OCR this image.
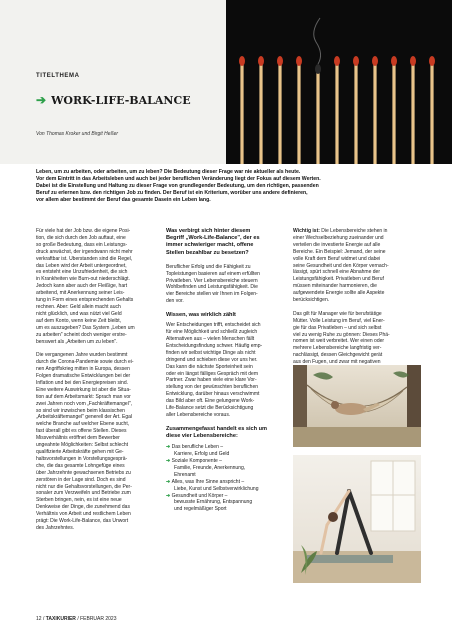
TITELTHEMA
➔ WORK-LIFE-BALANCE
Von Thomas Kroker und Birgit Heßer
Leben, um zu arbeiten, oder arbeiten, um zu leben? Die Bedeutung dieser Frage war nie aktueller als heute.
Vor dem Eintritt in das Arbeitsleben und auch bei jeder beruflichen Veränderung liegt der Fokus auf diesem Werten.
Dabei ist die Einstellung und Haltung zu dieser Frage von grundlegender Bedeutung, um den richtigen, passenden
Beruf zu erlernen bzw. den richtigen Job zu finden. Der Beruf ist ein Kriterium, worüber uns andere definieren,
vor allem aber bestimmt der Beruf das gesamte Dasein ein Leben lang.
Für viele hat der Job bzw. die eigene Posi-
tion, die sich durch den Job auftaut, eine
so große Bedeutung, dass ein Leistungs-
druck anwächst, der irgendwann nicht mehr
verkraftbar ist. Überstanden sind die Regel,
das Leben wird der Arbeit untergeordnet,
es entsteht eine Unzufriedenheit, die sich
in Krankheiten wie Burn-out niederschlägt.
Jedoch kann aber auch der Fleißige, hart
arbeitend, mit Anerkennung seiner Leis-
tung in Form eines entsprechenden Gehalts
rechnen. Aber: Geld allein macht auch
nicht glücklich, und was nützt viel Geld
auf dem Konto, wenn keine Zeit bleibt,
um es auszugeben? Das System „Leben um
zu arbeiten" scheint doch weniger erstre-
benswert als „Arbeiten um zu leben".
Die vergangenen Jahre wurden bestimmt
durch die Corona-Pandemie sowie durch ei-
nen Angriffskrieg mitten in Europa, dessen
Folgen dramatische Entwicklungen bei der
Inflation und bei den Energiepreisen sind.
Eine weitere Auswirkung ist aber die Situa-
tion auf dem Arbeitsmarkt: Sprach man vor
zwei Jahren noch vom „Fachkräftemangel",
so sind wir inzwischen beim klassischen
„Arbeitskräftemangel" generell der Art. Egal
welche Branche auf welcher Ebene sucht,
fast überall gibt es offene Stellen. Dieses
Missverhältnis eröffnet dem Bewerber
ungeahnte Möglichkeiten: Selbst schlecht
qualifizierte Arbeitskräfte gehen mit Ge-
haltsvorstellungen in Vorstellungsgesprä-
che, die das gesamte Lohngefüge eines
über Jahrzehnte gewachsenen Betriebs zu
zerstören in der Lage sind. Doch es sind
nicht nur die Gehaltsvorstellungen, die Per-
sonaler zum Verzweifeln und Betriebe zum
Sterben bringen, nein, es ist eine neue
Denkweise der Dinge, die zunehmend das
Verhältnis von Arbeit und restlichem Leben
prägt: Die Work-Life-Balance, das Unwort
des Jahrzehntes.
Was verbirgt sich hinter diesem
Begriff „Work-Life-Balance", der es
immer schwieriger macht, offene
Stellen bezahlbar zu besetzen?
Beruflicher Erfolg und die Fähigkeit zu
Topleistungen basieren auf einem erfüllten
Privatleben. Vier Lebensbereiche steuern
Wohlbefinden und Leistungsfähigkeit. Die
vier Bereiche stellen wir Ihnen im Folgen-
den vor.
Wissen, was wirklich zählt
Wer Entscheidungen trifft, entscheidet sich
für eine Möglichkeit und schließt zugleich
Alternativen aus – vielen Menschen fällt
Entscheidungsfindung schwer. Häufig emp-
finden wir selbst wichtige Dinge als nicht
dringend und schieben diese vor uns her.
Das kann die nächste Sporteinheit sein
oder ein längst fälliges Gespräch mit dem
Partner. Zwar haben viele eine klare Vor-
stellung von der gewünschten beruflichen
Entwicklung, darüber hinaus verschwimmt
das Bild aber oft. Eine gelungene Work-
Life-Balance setzt die Berücksichtigung
aller Lebensbereiche voraus.
Zusammengefasst handelt es sich um
diese vier Lebensbereiche:
➔ Das berufliche Leben –
Karriere, Erfolg und Geld
➔ Soziale Komponente –
Familie, Freunde, Anerkennung,
Ehrenamt
➔ Alles, was Ihre Sinne anspricht –
Liebe, Kunst und Selbstverwirklichung
➔ Gesundheit und Körper –
bewusste Ernährung, Entspannung
und regelmäßiger Sport
Wichtig ist: Die Lebensbereiche stehen in
einer Wechselbeziehung zueinander und
verteilen die investierte Energie auf alle
Bereiche. Ein Beispiel: Jemand, der seine
volle Kraft dem Beruf widmet und dabei
seine Gesundheit und den Körper vernach-
lässigt, spürt schnell eine Abnahme der
Leistungsfähigkeit. Privatleben und Beruf
müssen miteinander harmonieren, die
aufgewendete Energie sollte alle Aspekte
berücksichtigen.
Das gilt für Manager wie für berufstätige
Mütter. Volle Leistung im Beruf, viel Ener-
gie für das Privatleben – und sich selbst
viel zu wenig Ruhe zu gönnen: Dieses Phä-
nomen ist weit verbreitet. Wer einen oder
mehrere Lebensbereiche langfristig ver-
nachlässigt, dessen Gleichgewicht gerät
aus den Fugen, und zwar mit negativen
12 / TAXIKURIER / FEBRUAR 2023
